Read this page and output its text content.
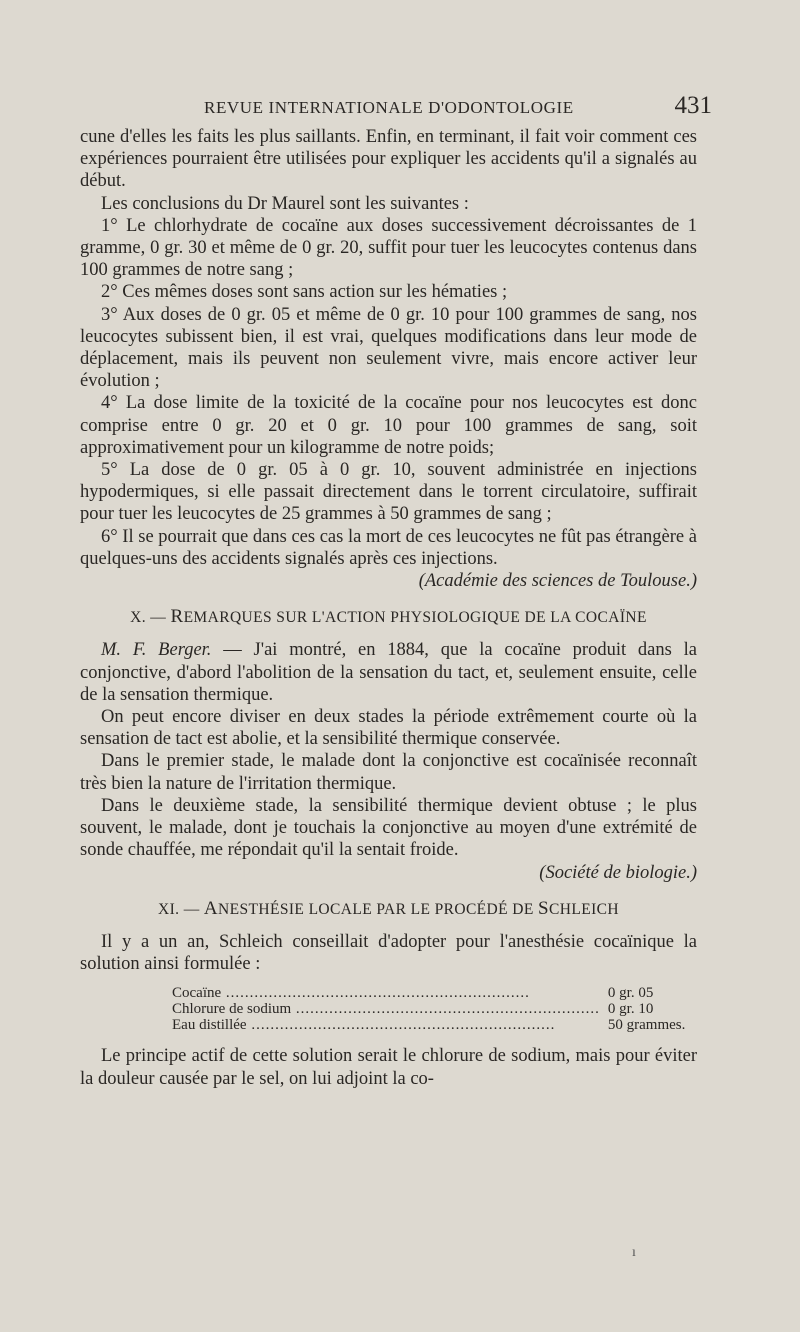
REVUE INTERNATIONALE D'ODONTOLOGIE	431

cune d'elles les faits les plus saillants. Enfin, en terminant, il fait voir comment ces expériences pourraient être utilisées pour expliquer les accidents qu'il a signalés au début.

Les conclusions du Dr Maurel sont les suivantes :

1° Le chlorhydrate de cocaïne aux doses successivement décroissantes de 1 gramme, 0 gr. 30 et même de 0 gr. 20, suffit pour tuer les leucocytes contenus dans 100 grammes de notre sang ;

2° Ces mêmes doses sont sans action sur les hématies ;

3° Aux doses de 0 gr. 05 et même de 0 gr. 10 pour 100 grammes de sang, nos leucocytes subissent bien, il est vrai, quelques modifications dans leur mode de déplacement, mais ils peuvent non seulement vivre, mais encore activer leur évolution ;

4° La dose limite de la toxicité de la cocaïne pour nos leucocytes est donc comprise entre 0 gr. 20 et 0 gr. 10 pour 100 grammes de sang, soit approximativement pour un kilogramme de notre poids;

5° La dose de 0 gr. 05 à 0 gr. 10, souvent administrée en injections hypodermiques, si elle passait directement dans le torrent circulatoire, suffirait pour tuer les leucocytes de 25 grammes à 50 grammes de sang ;

6° Il se pourrait que dans ces cas la mort de ces leucocytes ne fût pas étrangère à quelques-uns des accidents signalés après ces injections.

(Académie des sciences de Toulouse.)

X. — REMARQUES SUR L'ACTION PHYSIOLOGIQUE DE LA COCAÏNE

M. F. Berger. — J'ai montré, en 1884, que la cocaïne produit dans la conjonctive, d'abord l'abolition de la sensation du tact, et, seulement ensuite, celle de la sensation thermique.

On peut encore diviser en deux stades la période extrêmement courte où la sensation de tact est abolie, et la sensibilité thermique conservée.

Dans le premier stade, le malade dont la conjonctive est cocaïnisée reconnaît très bien la nature de l'irritation thermique.

Dans le deuxième stade, la sensibilité thermique devient obtuse ; le plus souvent, le malade, dont je touchais la conjonctive au moyen d'une extrémité de sonde chauffée, me répondait qu'il la sentait froide.

(Société de biologie.)

XI. — ANESTHÉSIE LOCALE PAR LE PROCÉDÉ DE SCHLEICH

Il y a un an, Schleich conseillait d'adopter pour l'anesthésie cocaïnique la solution ainsi formulée :

Cocaïne .....	0 gr. 05
Chlorure de sodium .....	0 gr. 10
Eau distillée .....	50 grammes.

Le principe actif de cette solution serait le chlorure de sodium, mais pour éviter la douleur causée par le sel, on lui adjoint la co-

ı
